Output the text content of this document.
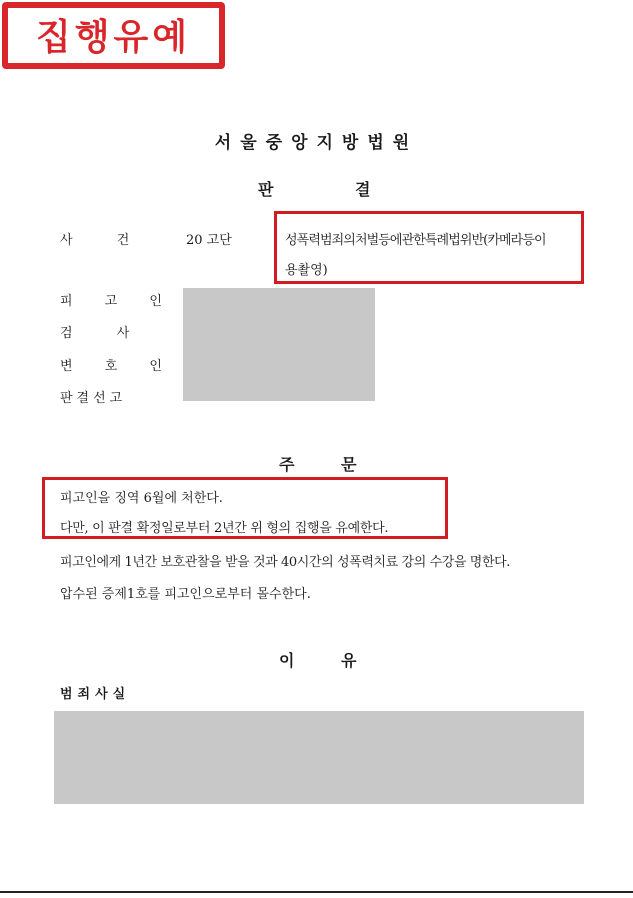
집행유예
서울중앙지방법원
판	결
사 건	20 고단	성폭력범죄의처벌등에관한특례법위반(카메라등이
용촬영)
피 고 인
검 사
변 호 인
판결선고
주	문
피고인을 징역 6월에 처한다.
다만, 이 판결 확정일로부터 2년간 위 형의 집행을 유예한다.
피고인에게 1년간 보호관찰을 받을 것과 40시간의 성폭력치료 강의 수강을 명한다.
압수된 증제1호를 피고인으로부터 몰수한다.
이	유
범죄사실
